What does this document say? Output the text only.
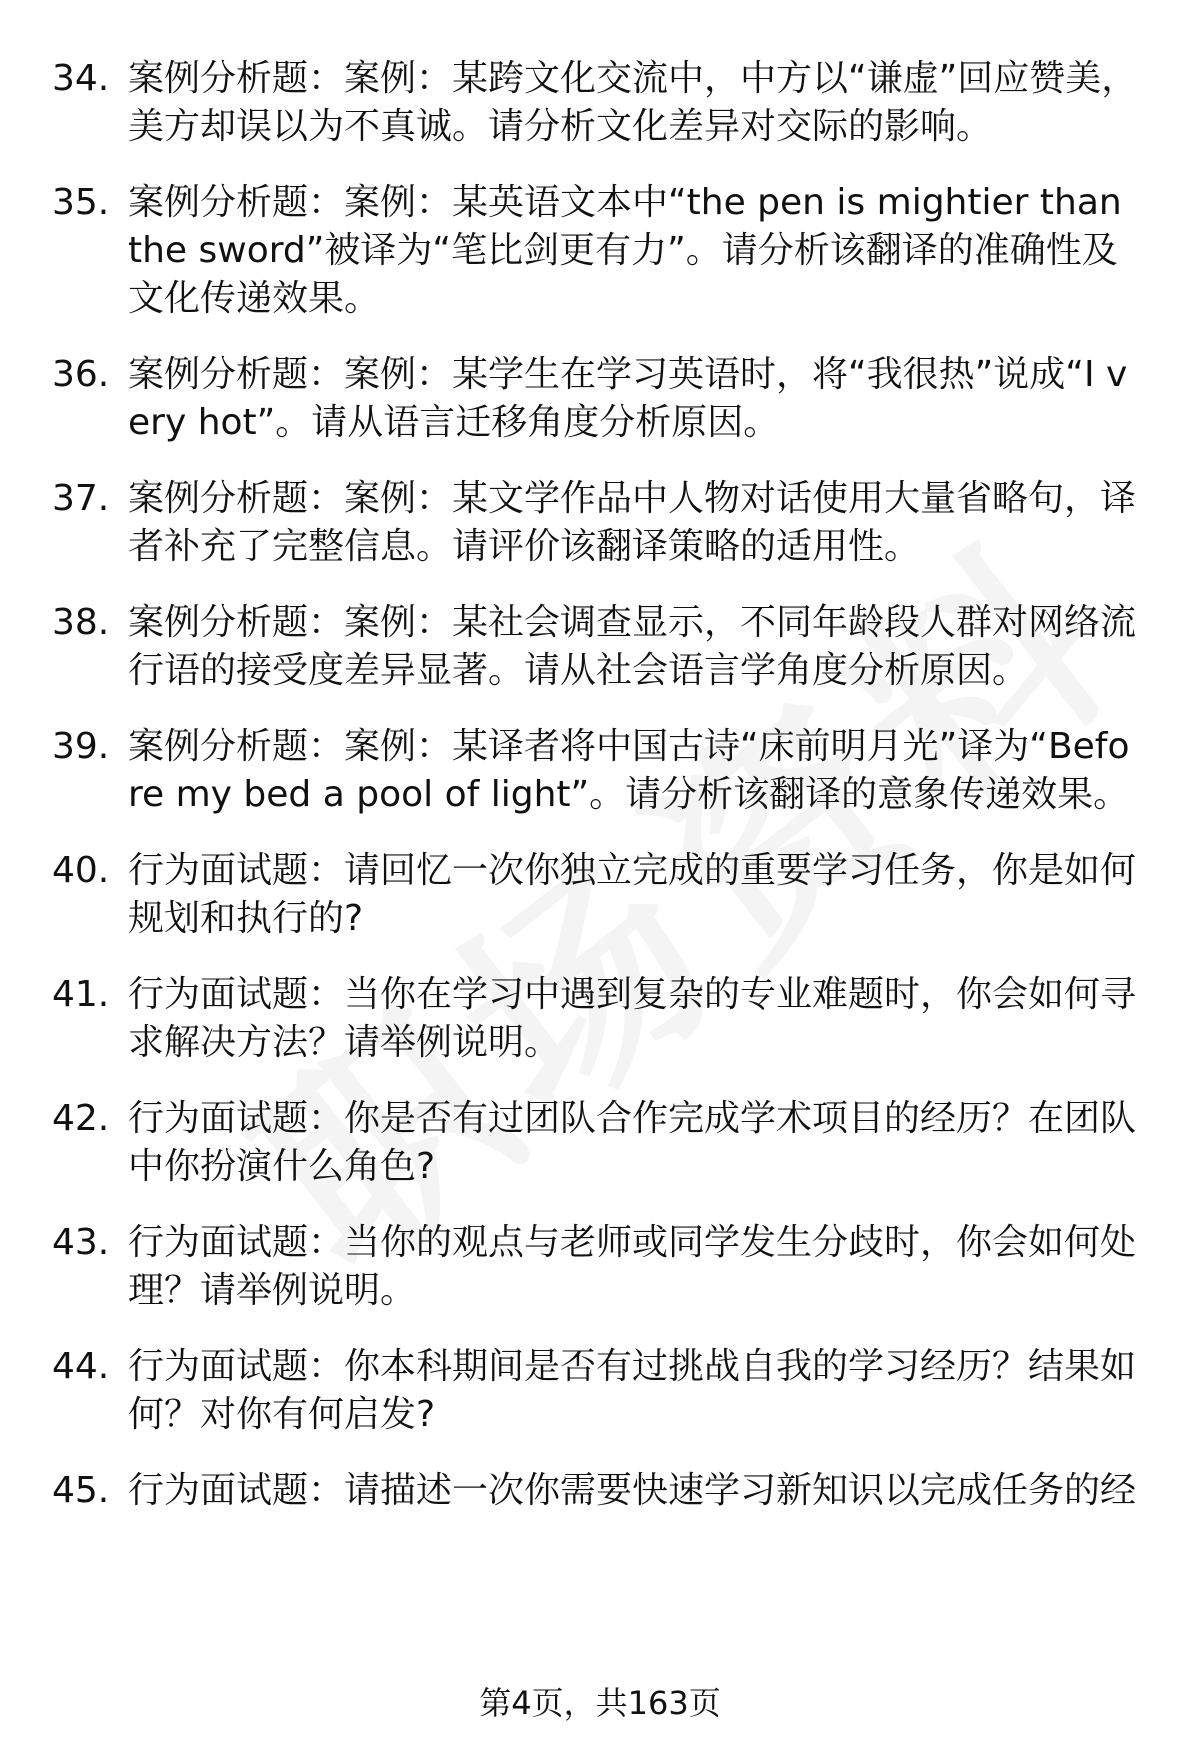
34. 案例分析题：案例：某跨文化交流中，中方以“谦虚”回应赞美，美方却误以为不真诚。请分析文化差异对交际的影响。
35. 案例分析题：案例：某英语文本中“the pen is mightier than the sword”被译为“笔比剑更有力”。请分析该翻译的准确性及文化传递效果。
36. 案例分析题：案例：某学生在学习英语时，将“我很热”说成“I very hot”。请从语言迁移角度分析原因。
37. 案例分析题：案例：某文学作品中人物对话使用大量省略句，译者补充了完整信息。请评价该翻译策略的适用性。
38. 案例分析题：案例：某社会调查显示，不同年龄段人群对网络流行语的接受度差异显著。请从社会语言学角度分析原因。
39. 案例分析题：案例：某译者将中国古诗“床前明月光”译为“Before my bed a pool of light”。请分析该翻译的意象传递效果。
40. 行为面试题：请回忆一次你独立完成的重要学习任务，你是如何规划和执行的?
41. 行为面试题：当你在学习中遇到复杂的专业难题时，你会如何寻求解决方法？请举例说明。
42. 行为面试题：你是否有过团队合作完成学术项目的经历？在团队中你扮演什么角色?
43. 行为面试题：当你的观点与老师或同学发生分歧时，你会如何处理？请举例说明。
44. 行为面试题：你本科期间是否有过挑战自我的学习经历？结果如何？对你有何启发?
45. 行为面试题：请描述一次你需要快速学习新知识以完成任务的经
第4页，共163页
